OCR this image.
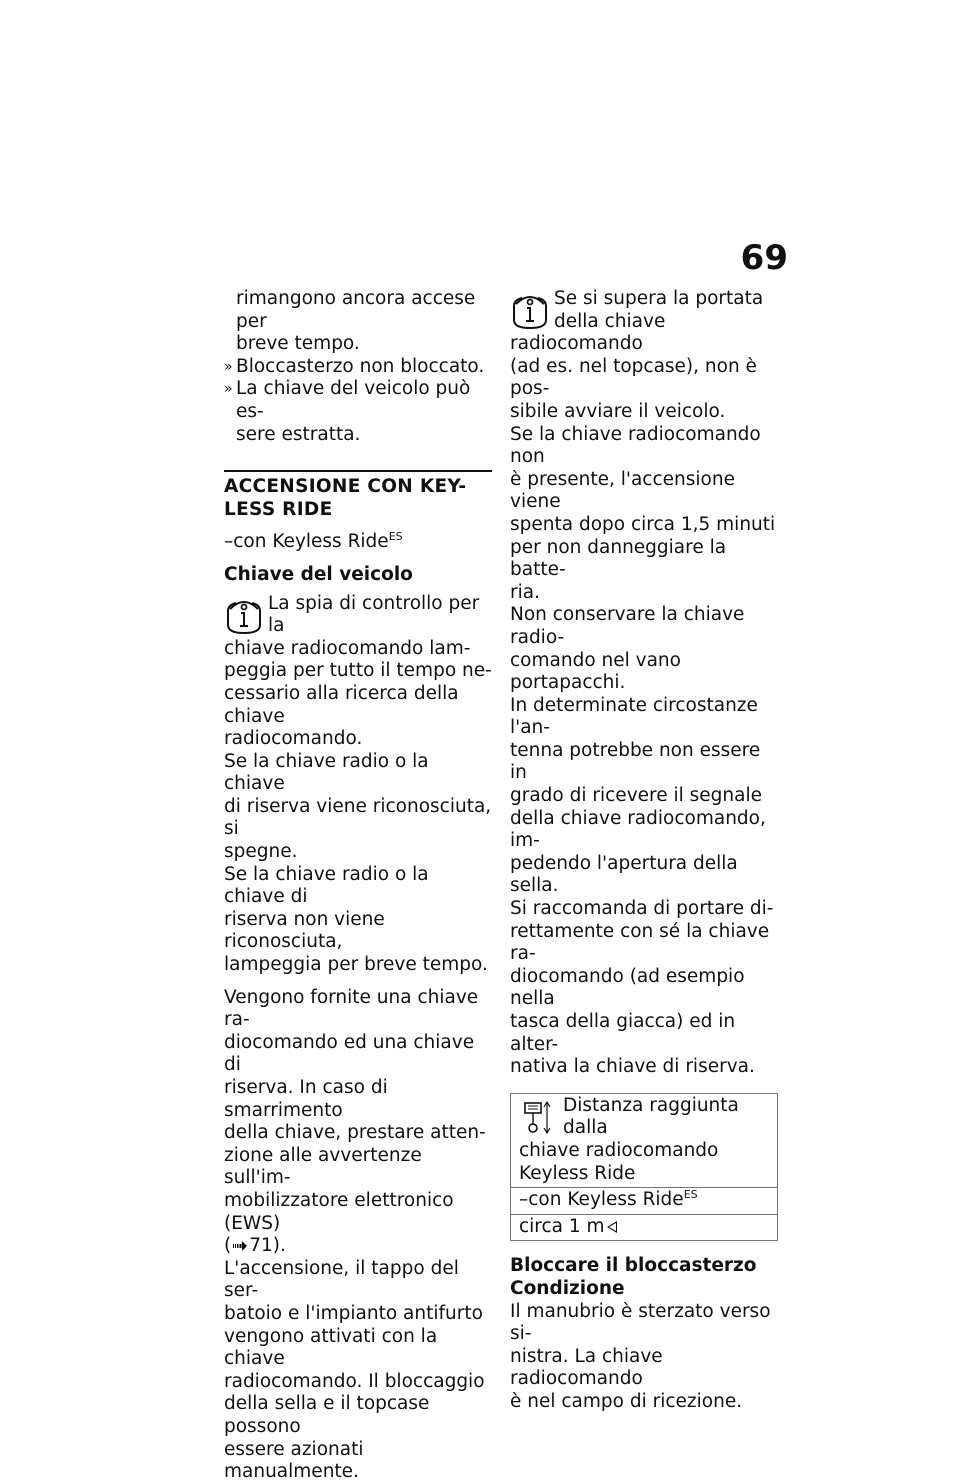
69

rimangono ancora accese per

breve tempo.

» Bloccasterzo non bloccato.

» La chiave del veicolo può es-

sere estratta.

ACCENSIONE CON KEY-

LESS RIDE

–con Keyless Ride$^{ES}$

Chiave del veicolo

La spia di controllo per la

chiave radiocomando lam-

peggia per tutto il tempo ne-

cessario alla ricerca della chiave

radiocomando.

Se la chiave radio o la chiave

di riserva viene riconosciuta, si

spegne.

Se la chiave radio o la chiave di

riserva non viene riconosciuta,

lampeggia per breve tempo.

Vengono fornite una chiave ra-

diocomando ed una chiave di

riserva. In caso di smarrimento

della chiave, prestare atten-

zione alle avvertenze sull'im-

mobilizzatore elettronico (EWS)

( 71).

L'accensione, il tappo del ser-

batoio e l'impianto antifurto

vengono attivati con la chiave

radiocomando. Il bloccaggio

della sella e il topcase possono

essere azionati manualmente.

Se si supera la portata

della chiave radiocomando

(ad es. nel topcase), non è pos-

sibile avviare il veicolo.

Se la chiave radiocomando non

è presente, l'accensione viene

spenta dopo circa 1,5 minuti

per non danneggiare la batte-

ria.

Non conservare la chiave radio-

comando nel vano portapacchi.

In determinate circostanze l'an-

tenna potrebbe non essere in

grado di ricevere il segnale

della chiave radiocomando, im-

pedendo l'apertura della sella.

Si raccomanda di portare di-

rettamente con sé la chiave ra-

diocomando (ad esempio nella

tasca della giacca) ed in alter-

nativa la chiave di riserva.

Distanza raggiunta dalla
chiave radiocomando
Keyless Ride

–con Keyless Ride$^{ES}$
circa 1 m

Bloccare il bloccasterzo

Condizione

Il manubrio è sterzato verso si-

nistra. La chiave radiocomando

è nel campo di ricezione.
